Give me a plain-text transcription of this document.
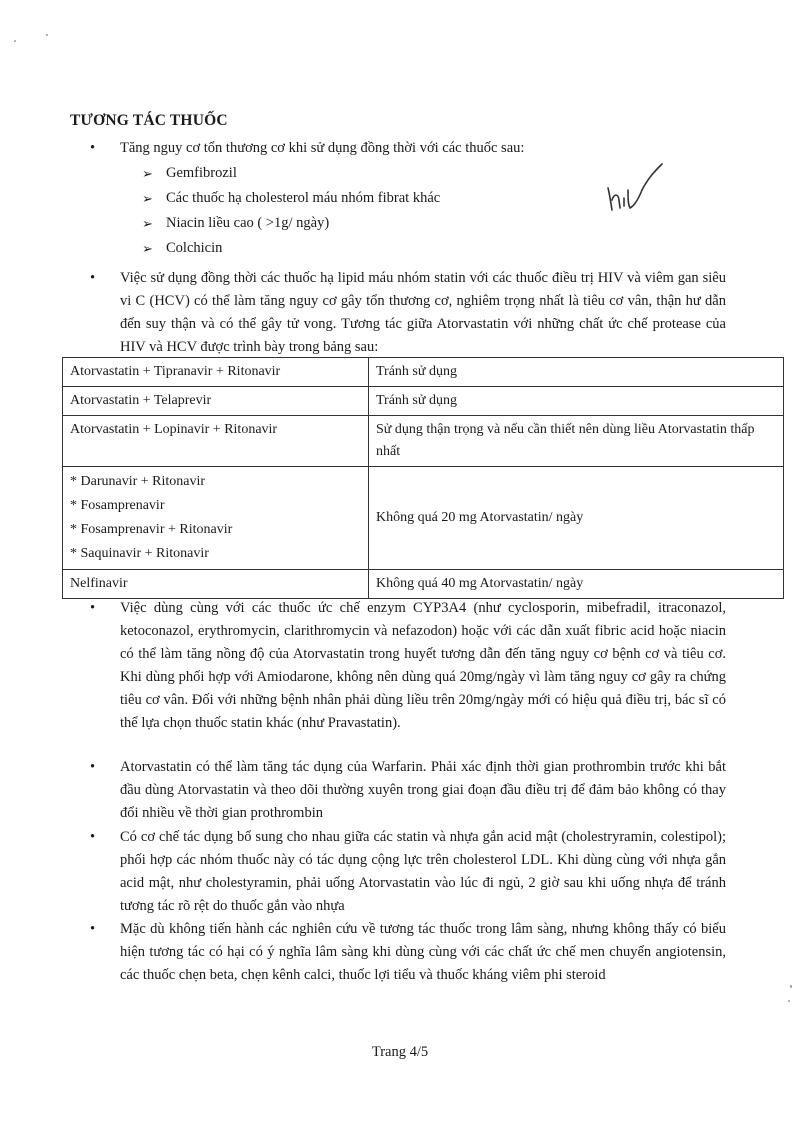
TƯƠNG TÁC THUỐC
• Tăng nguy cơ tổn thương cơ khi sử dụng đồng thời với các thuốc sau:
➢ Gemfibrozil
➢ Các thuốc hạ cholesterol máu nhóm fibrat khác
➢ Niacin liều cao ( >1g/ ngày)
➢ Colchicin
• Việc sử dụng đồng thời các thuốc hạ lipid máu nhóm statin với các thuốc điều trị HIV và viêm gan siêu vi C (HCV) có thể làm tăng nguy cơ gây tổn thương cơ, nghiêm trọng nhất là tiêu cơ vân, thận hư dẫn đến suy thận và có thể gây tử vong. Tương tác giữa Atorvastatin với những chất ức chế protease của HIV và HCV được trình bày trong bảng sau:
Atorvastatin + Tipranavir + Ritonavir	Tránh sử dụng
Atorvastatin + Telaprevir	Tránh sử dụng
Atorvastatin + Lopinavir + Ritonavir	Sử dụng thận trọng và nếu cần thiết nên dùng liều Atorvastatin thấp nhất

* Darunavir + Ritonavir
* Fosamprenavir
* Fosamprenavir + Ritonavir
* Saquinavir + Ritonavir	Không quá 20 mg Atorvastatin/ ngày
Nelfinavir	Không quá 40 mg Atorvastatin/ ngày
• Việc dùng cùng với các thuốc ức chế enzym CYP3A4 (như cyclosporin, mibefradil, itraconazol, ketoconazol, erythromycin, clarithromycin và nefazodon) hoặc với các dẫn xuất fibric acid hoặc niacin có thể làm tăng nồng độ của Atorvastatin trong huyết tương dẫn đến tăng nguy cơ bệnh cơ và tiêu cơ. Khi dùng phối hợp với Amiodarone, không nên dùng quá 20mg/ngày vì làm tăng nguy cơ gây ra chứng tiêu cơ vân. Đối với những bệnh nhân phải dùng liều trên 20mg/ngày mới có hiệu quả điều trị, bác sĩ có thể lựa chọn thuốc statin khác (như Pravastatin).
• Atorvastatin có thể làm tăng tác dụng của Warfarin. Phải xác định thời gian prothrombin trước khi bắt đầu dùng Atorvastatin và theo dõi thường xuyên trong giai đoạn đầu điều trị để đảm bảo không có thay đổi nhiều về thời gian prothrombin
• Có cơ chế tác dụng bổ sung cho nhau giữa các statin và nhựa gắn acid mật (cholestryramin, colestipol); phối hợp các nhóm thuốc này có tác dụng cộng lực trên cholesterol LDL. Khi dùng cùng với nhựa gắn acid mật, như cholestyramin, phải uống Atorvastatin vào lúc đi ngủ, 2 giờ sau khi uống nhựa để tránh tương tác rõ rệt do thuốc gắn vào nhựa
• Mặc dù không tiến hành các nghiên cứu về tương tác thuốc trong lâm sàng, nhưng không thấy có biểu hiện tương tác có hại có ý nghĩa lâm sàng khi dùng cùng với các chất ức chế men chuyển angiotensin, các thuốc chẹn beta, chẹn kênh calci, thuốc lợi tiểu và thuốc kháng viêm phi steroid
Trang 4/5
